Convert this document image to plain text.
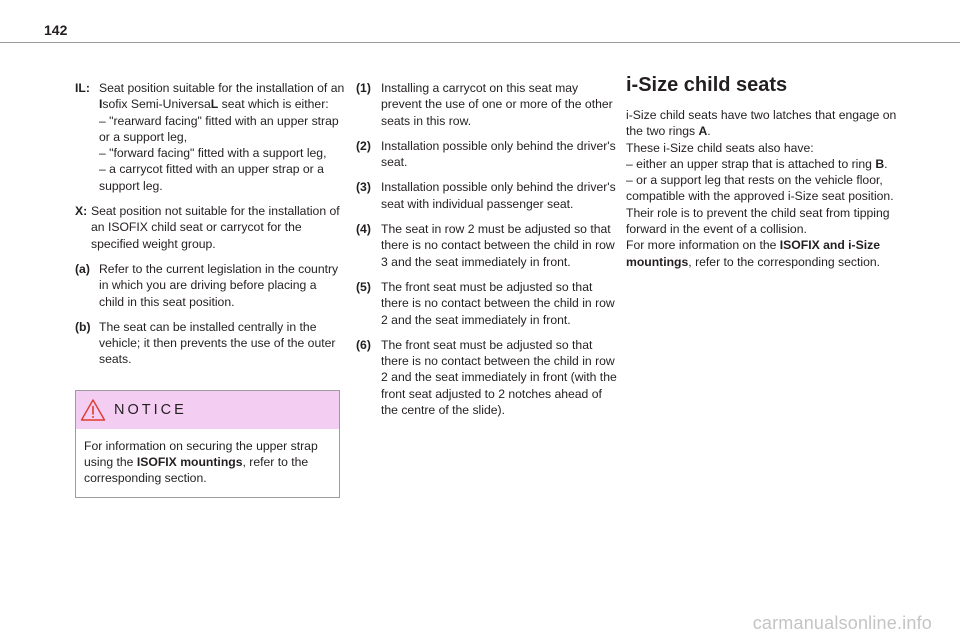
142
IL: Seat position suitable for the installation of an
Isofix Semi-UniversaL seat which is either:
– "rearward facing" fitted with an upper strap or a support leg,
– "forward facing" fitted with a support leg,
– a carrycot fitted with an upper strap or a support leg.
X: Seat position not suitable for the installation of an ISOFIX child seat or carrycot for the specified weight group.
(a) Refer to the current legislation in the country in which you are driving before placing a child in this seat position.
(b) The seat can be installed centrally in the vehicle; it then prevents the use of the outer seats.
NOTICE
For information on securing the upper strap using the ISOFIX mountings, refer to the corresponding section.
(1) Installing a carrycot on this seat may prevent the use of one or more of the other seats in this row.
(2) Installation possible only behind the driver's seat.
(3) Installation possible only behind the driver's seat with individual passenger seat.
(4) The seat in row 2 must be adjusted so that there is no contact between the child in row 3 and the seat immediately in front.
(5) The front seat must be adjusted so that there is no contact between the child in row 2 and the seat immediately in front.
(6) The front seat must be adjusted so that there is no contact between the child in row 2 and the seat immediately in front (with the front seat adjusted to 2 notches ahead of the centre of the slide).
i-Size child seats
i-Size child seats have two latches that engage on the two rings A.
These i-Size child seats also have:
– either an upper strap that is attached to ring B.
– or a support leg that rests on the vehicle floor, compatible with the approved i-Size seat position.
Their role is to prevent the child seat from tipping forward in the event of a collision.
For more information on the ISOFIX and i-Size mountings, refer to the corresponding section.
carmanualsonline.info
